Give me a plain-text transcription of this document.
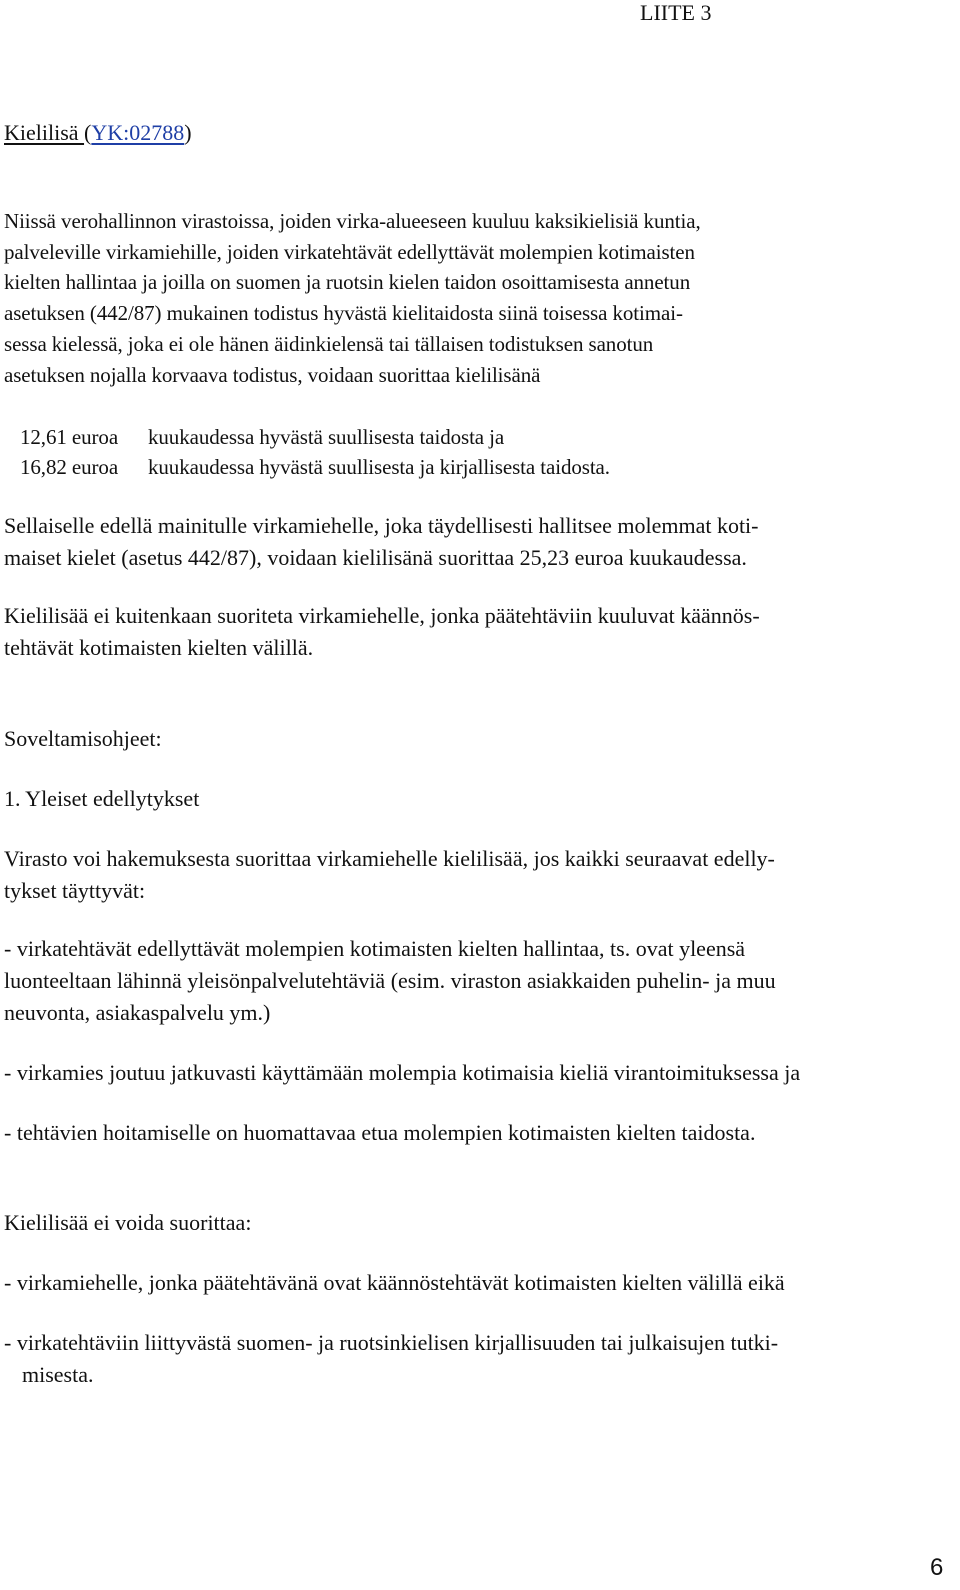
LIITE 3
Kielilisä (YK:02788)
Niissä verohallinnon virastoissa, joiden virka-alueeseen kuuluu kaksikielisiä kuntia,
palveleville virkamiehille, joiden virkatehtävät edellyttävät molempien kotimaisten
kielten hallintaa ja joilla on suomen ja ruotsin kielen taidon osoittamisesta annetun
asetuksen (442/87) mukainen todistus hyvästä kielitaidosta siinä toisessa kotimai-
sessa kielessä, joka ei ole hänen äidinkielensä tai tällaisen todistuksen sanotun
asetuksen nojalla korvaava todistus, voidaan suorittaa kielilisänä
12,61 euroa kuukaudessa hyvästä suullisesta taidosta ja
16,82 euroa kuukaudessa hyvästä suullisesta ja kirjallisesta taidosta.
Sellaiselle edellä mainitulle virkamiehelle, joka täydellisesti hallitsee molemmat koti-
maiset kielet (asetus 442/87), voidaan kielilisänä suorittaa 25,23 euroa kuukaudessa.
Kielilisää ei kuitenkaan suoriteta virkamiehelle, jonka päätehtäviin kuuluvat käännös-
tehtävät kotimaisten kielten välillä.
Soveltamisohjeet:
1. Yleiset edellytykset
Virasto voi hakemuksesta suorittaa virkamiehelle kielilisää, jos kaikki seuraavat edelly-
tykset täyttyvät:
- virkatehtävät edellyttävät molempien kotimaisten kielten hallintaa, ts. ovat yleensä
luonteeltaan lähinnä yleisönpalvelutehtäviä (esim. viraston asiakkaiden puhelin- ja muu
neuvonta, asiakaspalvelu ym.)
- virkamies joutuu jatkuvasti käyttämään molempia kotimaisia kieliä virantoimituksessa ja
- tehtävien hoitamiselle on huomattavaa etua molempien kotimaisten kielten taidosta.
Kielilisää ei voida suorittaa:
- virkamiehelle, jonka päätehtävänä ovat käännöstehtävät kotimaisten kielten välillä eikä
- virkatehtäviin liittyvästä suomen- ja ruotsinkielisen kirjallisuuden tai julkaisujen tutki-
misesta.
6
